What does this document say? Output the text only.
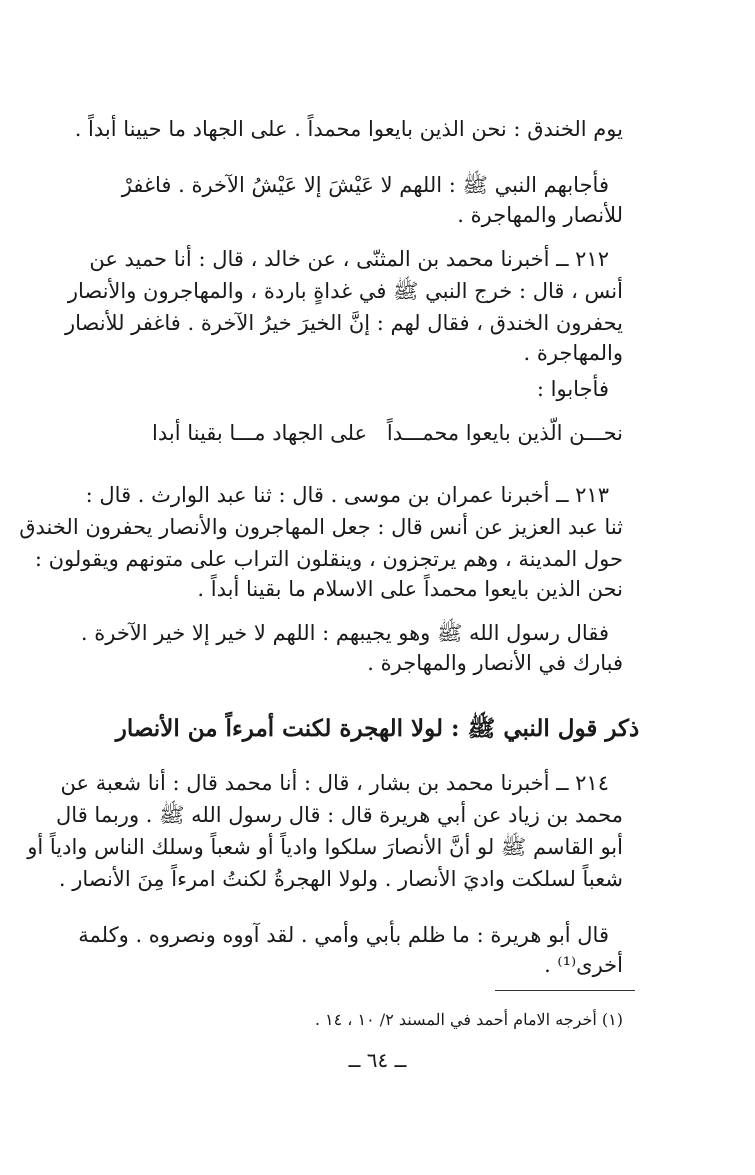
يوم الخندق : نحن الذين بايعوا محمداً . على الجهاد ما حيينا أبداً .
فأجابهم النبي ﷺ : اللهم لا عَيْشَ إلا عَيْشُ الآخرة . فاغفرْ
للأنصار والمهاجرة .
٢١٢ ــ أخبرنا محمد بن المثنّى ، عن خالد ، قال : أنا حميد عن
أنس ، قال : خرج النبي ﷺ في غداةٍ باردة ، والمهاجرون والأنصار
يحفرون الخندق ، فقال لهم : إنَّ الخيرَ خيرُ الآخرة . فاغفر للأنصار
والمهاجرة .
فأجابوا :
نحـــن الّذين بايعوا محمـــداً
على الجهاد مـــا بقينا أبدا
٢١٣ ــ أخبرنا عمران بن موسى . قال : ثنا عبد الوارث . قال :
ثنا عبد العزيز عن أنس قال : جعل المهاجرون والأنصار يحفرون الخندق
حول المدينة ، وهم يرتجزون ، وينقلون التراب على متونهم ويقولون :
نحن الذين بايعوا محمداً على الاسلام ما بقينا أبداً .
فقال رسول الله ﷺ وهو يجيبهم : اللهم لا خير إلا خير الآخرة .
فبارك في الأنصار والمهاجرة .
ذكر قول النبي ﷺ : لولا الهجرة لكنت أمرءاً من الأنصار
٢١٤ ــ أخبرنا محمد بن بشار ، قال : أنا محمد قال : أنا شعبة عن
محمد بن زياد عن أبي هريرة قال : قال رسول الله ﷺ . وربما قال
أبو القاسم ﷺ لو أنَّ الأنصارَ سلكوا وادياً أو شعباً وسلك الناس وادياً أو
شعباً لسلكت واديَ الأنصار . ولولا الهجرةُ لكنتُ امرءاً مِنَ الأنصار .
قال أبو هريرة : ما ظلم بأبي وأمي . لقد آووه ونصروه . وكلمة
أخرى⁽¹⁾ .
(١) أخرجه الامام أحمد في المسند ٢/ ١٠ ، ١٤ .
ــ ٦٤ ــ
